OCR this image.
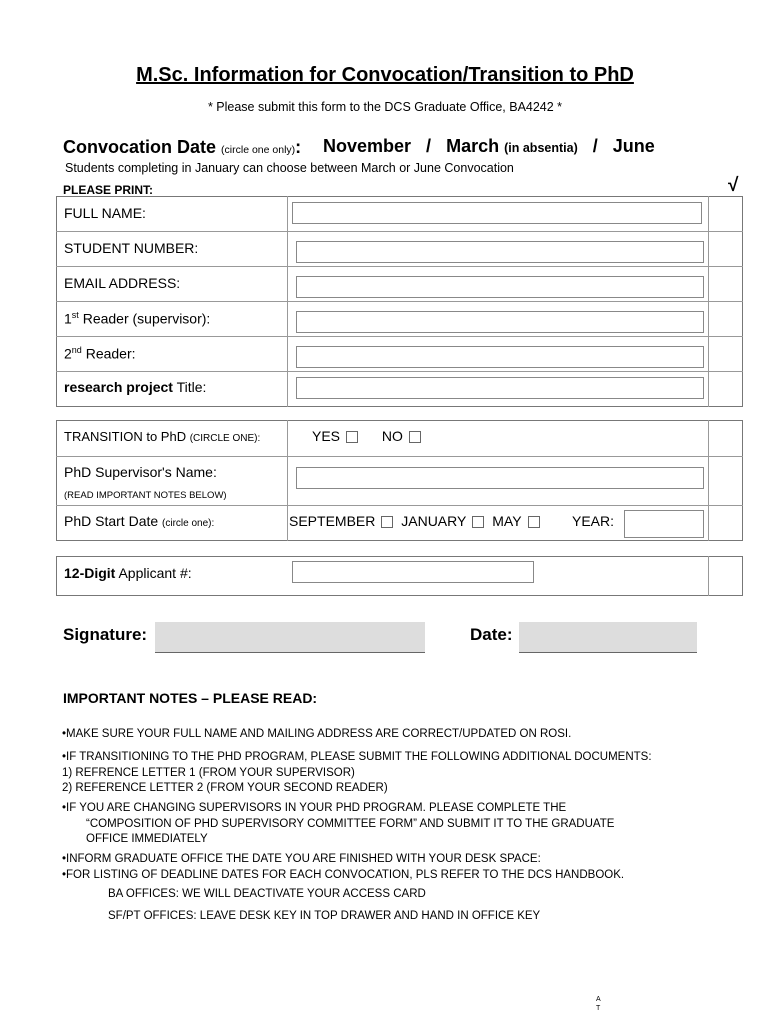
M.Sc. Information for Convocation/Transition to PhD
* Please submit this form to the DCS Graduate Office, BA4242 *
Convocation Date (circle one only): November / March (in absentia) / June
Students completing in January can choose between March or June Convocation
PLEASE PRINT:	√
FULL NAME:
STUDENT NUMBER:
EMAIL ADDRESS:
1st Reader (supervisor):
2nd Reader:
research project Title:
TRANSITION to PhD (CIRCLE ONE):	YES	NO
PhD Supervisor's Name:
(READ IMPORTANT NOTES BELOW)
PhD Start Date (circle one):	SEPTEMBER JANUARY MAY	YEAR:
12-Digit Applicant #:
Signature:	Date:
IMPORTANT NOTES – PLEASE READ:
•MAKE SURE YOUR FULL NAME AND MAILING ADDRESS ARE CORRECT/UPDATED ON ROSI.
•IF TRANSITIONING TO THE PHD PROGRAM, PLEASE SUBMIT THE FOLLOWING ADDITIONAL DOCUMENTS:
1) REFRENCE LETTER 1 (FROM YOUR SUPERVISOR)
2) REFERENCE LETTER 2 (FROM YOUR SECOND READER)
•IF YOU ARE CHANGING SUPERVISORS IN YOUR PHD PROGRAM. PLEASE COMPLETE THE
“COMPOSITION OF PHD SUPERVISORY COMMITTEE FORM” AND SUBMIT IT TO THE GRADUATE
OFFICE IMMEDIATELY
•INFORM GRADUATE OFFICE THE DATE YOU ARE FINISHED WITH YOUR DESK SPACE:
•FOR LISTING OF DEADLINE DATES FOR EACH CONVOCATION, PLS REFER TO THE DCS HANDBOOK.
BA OFFICES: WE WILL DEACTIVATE YOUR ACCESS CARD
SF/PT OFFICES: LEAVE DESK KEY IN TOP DRAWER AND HAND IN OFFICE KEY
A
T
